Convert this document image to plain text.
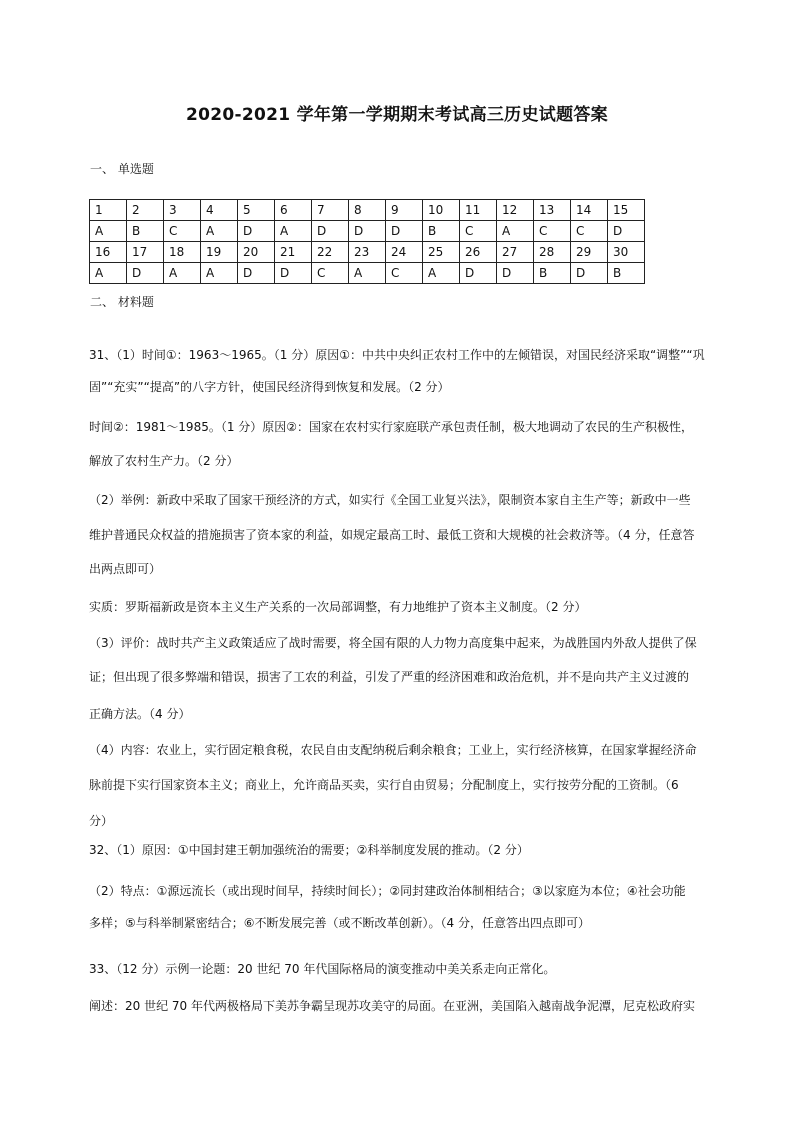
2020-2021 学年第一学期期末考试高三历史试题答案
一、 单选题
1	2	3	4	5	6	7	8	9	10	11	12	13	14	15
A	B	C	A	D	A	D	D	D	B	C	A	C	C	D
16	17	18	19	20	21	22	23	24	25	26	27	28	29	30
A	D	A	A	D	D	C	A	C	A	D	D	B	D	B
二、 材料题
31、（1）时间①：1963～1965。（1 分）原因①：中共中央纠正农村工作中的左倾错误，对国民经济采取“调整”“巩
固”“充实”“提高”的八字方针，使国民经济得到恢复和发展。（2 分）
时间②：1981～1985。（1 分）原因②：国家在农村实行家庭联产承包责任制，极大地调动了农民的生产积极性，
解放了农村生产力。（2 分）
（2）举例：新政中采取了国家干预经济的方式，如实行《全国工业复兴法》，限制资本家自主生产等；新政中一些
维护普通民众权益的措施损害了资本家的利益，如规定最高工时、最低工资和大规模的社会救济等。（4 分，任意答
出两点即可）
实质：罗斯福新政是资本主义生产关系的一次局部调整，有力地维护了资本主义制度。（2 分）
（3）评价：战时共产主义政策适应了战时需要，将全国有限的人力物力高度集中起来，为战胜国内外敌人提供了保
证；但出现了很多弊端和错误，损害了工农的利益，引发了严重的经济困难和政治危机，并不是向共产主义过渡的
正确方法。（4 分）
（4）内容：农业上，实行固定粮食税，农民自由支配纳税后剩余粮食；工业上，实行经济核算，在国家掌握经济命
脉前提下实行国家资本主义；商业上，允许商品买卖，实行自由贸易；分配制度上，实行按劳分配的工资制。（6
分）
32、（1）原因：①中国封建王朝加强统治的需要；②科举制度发展的推动。（2 分）
（2）特点：①源远流长（或出现时间早，持续时间长）；②同封建政治体制相结合；③以家庭为本位；④社会功能
多样；⑤与科举制紧密结合；⑥不断发展完善（或不断改革创新）。（4 分，任意答出四点即可）
33、（12 分）示例一论题：20 世纪 70 年代国际格局的演变推动中美关系走向正常化。
阐述：20 世纪 70 年代两极格局下美苏争霸呈现苏攻美守的局面。在亚洲，美国陷入越南战争泥潭，尼克松政府实
